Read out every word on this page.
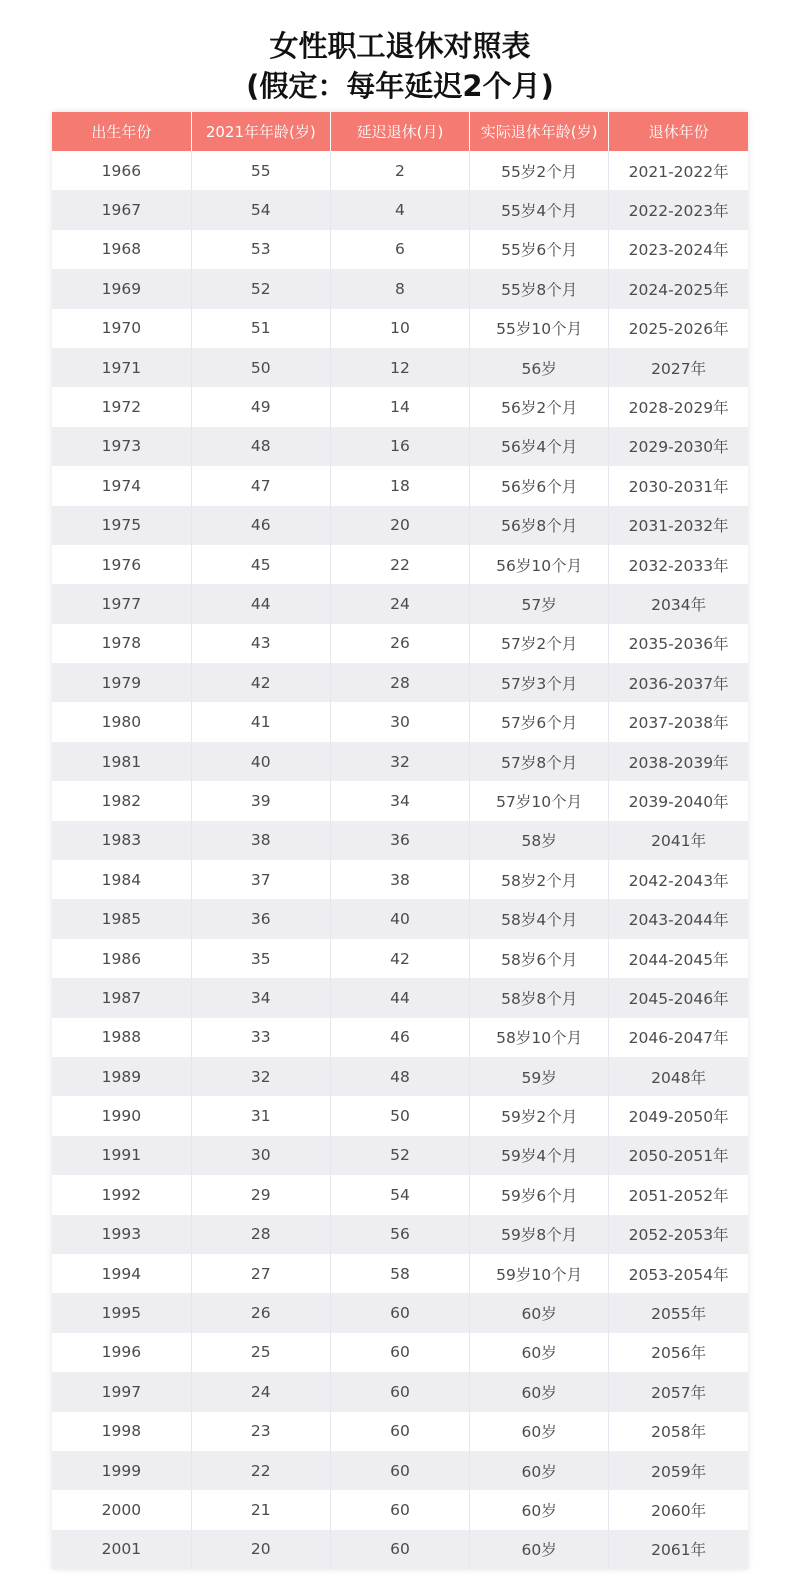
女性职工退休对照表
(假定：每年延迟2个月)
出生年份	2021年年龄(岁)	延迟退休(月)	实际退休年龄(岁)	退休年份
1966	55	2	55岁2个月	2021-2022年
1967	54	4	55岁4个月	2022-2023年
1968	53	6	55岁6个月	2023-2024年
1969	52	8	55岁8个月	2024-2025年
1970	51	10	55岁10个月	2025-2026年
1971	50	12	56岁	2027年
1972	49	14	56岁2个月	2028-2029年
1973	48	16	56岁4个月	2029-2030年
1974	47	18	56岁6个月	2030-2031年
1975	46	20	56岁8个月	2031-2032年
1976	45	22	56岁10个月	2032-2033年
1977	44	24	57岁	2034年
1978	43	26	57岁2个月	2035-2036年
1979	42	28	57岁3个月	2036-2037年
1980	41	30	57岁6个月	2037-2038年
1981	40	32	57岁8个月	2038-2039年
1982	39	34	57岁10个月	2039-2040年
1983	38	36	58岁	2041年
1984	37	38	58岁2个月	2042-2043年
1985	36	40	58岁4个月	2043-2044年
1986	35	42	58岁6个月	2044-2045年
1987	34	44	58岁8个月	2045-2046年
1988	33	46	58岁10个月	2046-2047年
1989	32	48	59岁	2048年
1990	31	50	59岁2个月	2049-2050年
1991	30	52	59岁4个月	2050-2051年
1992	29	54	59岁6个月	2051-2052年
1993	28	56	59岁8个月	2052-2053年
1994	27	58	59岁10个月	2053-2054年
1995	26	60	60岁	2055年
1996	25	60	60岁	2056年
1997	24	60	60岁	2057年
1998	23	60	60岁	2058年
1999	22	60	60岁	2059年
2000	21	60	60岁	2060年
2001	20	60	60岁	2061年
